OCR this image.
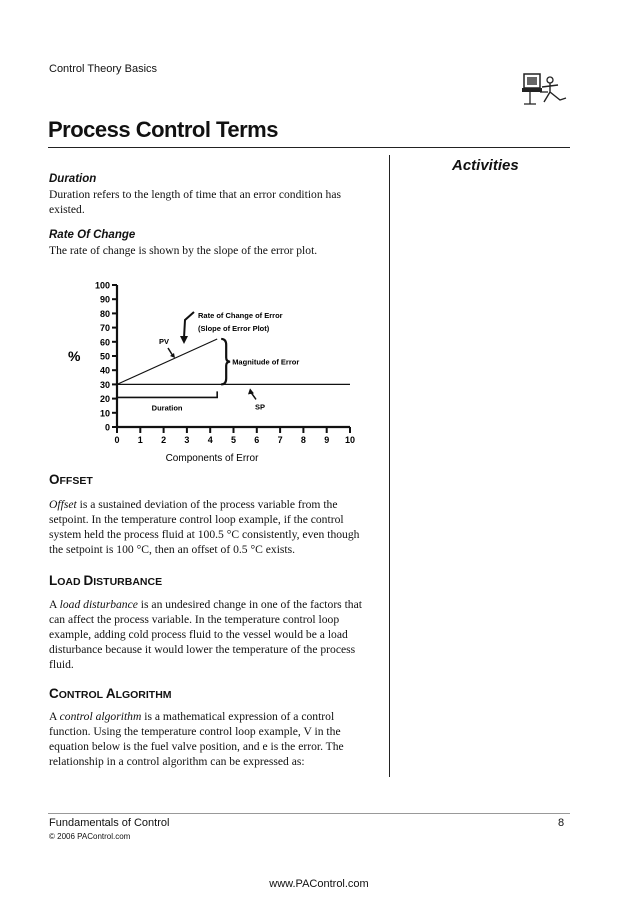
Control Theory Basics
Process Control Terms
Activities
Duration
Duration refers to the length of time that an error condition has existed.
Rate Of Change
The rate of change is shown by the slope of the error plot.
0
10
20
30
40
50
60
70
80
90
100
0 1 2 3 4 5 6 7 8 9 10
%
Components of Error
PV
Rate of Change of Error
(Slope of Error Plot)
Magnitude of Error
Duration	SP
OFFSET
Offset is a sustained deviation of the process variable from the setpoint. In the temperature control loop example, if the control system held the process fluid at 100.5 °C consistently, even though the setpoint is 100 °C, then an offset of 0.5 °C exists.
LOAD DISTURBANCE
A load disturbance is an undesired change in one of the factors that can affect the process variable. In the temperature control loop example, adding cold process fluid to the vessel would be a load disturbance because it would lower the temperature of the process fluid.
CONTROL ALGORITHM
A control algorithm is a mathematical expression of a control function. Using the temperature control loop example, V in the equation below is the fuel valve position, and e is the error. The relationship in a control algorithm can be expressed as:
Fundamentals of Control	8
© 2006 PAControl.com
www.PAControl.com
